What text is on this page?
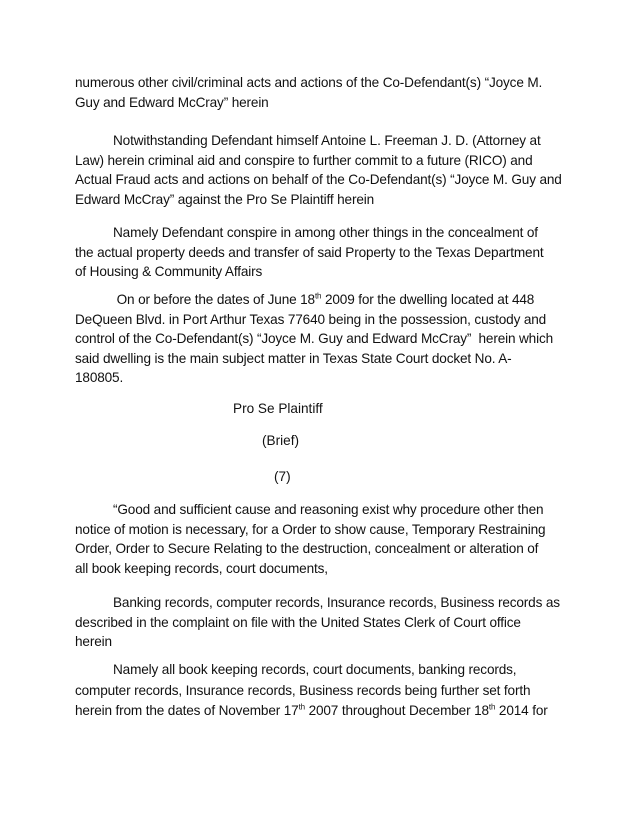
numerous other civil/criminal acts and actions of the Co-Defendant(s) “Joyce M.
Guy and Edward McCray” herein

Notwithstanding Defendant himself Antoine L. Freeman J. D. (Attorney at
Law) herein criminal aid and conspire to further commit to a future (RICO) and
Actual Fraud acts and actions on behalf of the Co-Defendant(s) “Joyce M. Guy and
Edward McCray” against the Pro Se Plaintiff herein

Namely Defendant conspire in among other things in the concealment of
the actual property deeds and transfer of said Property to the Texas Department
of Housing & Community Affairs

On or before the dates of June 18th 2009 for the dwelling located at 448
DeQueen Blvd. in Port Arthur Texas 77640 being in the possession, custody and
control of the Co-Defendant(s) “Joyce M. Guy and Edward McCray”  herein which
said dwelling is the main subject matter in Texas State Court docket No. A-
180805.

Pro Se Plaintiff
(Brief)
(7)

“Good and sufficient cause and reasoning exist why procedure other then
notice of motion is necessary, for a Order to show cause, Temporary Restraining
Order, Order to Secure Relating to the destruction, concealment or alteration of
all book keeping records, court documents,

Banking records, computer records, Insurance records, Business records as
described in the complaint on file with the United States Clerk of Court office
herein

Namely all book keeping records, court documents, banking records,
computer records, Insurance records, Business records being further set forth
herein from the dates of November 17th 2007 throughout December 18th 2014 for
